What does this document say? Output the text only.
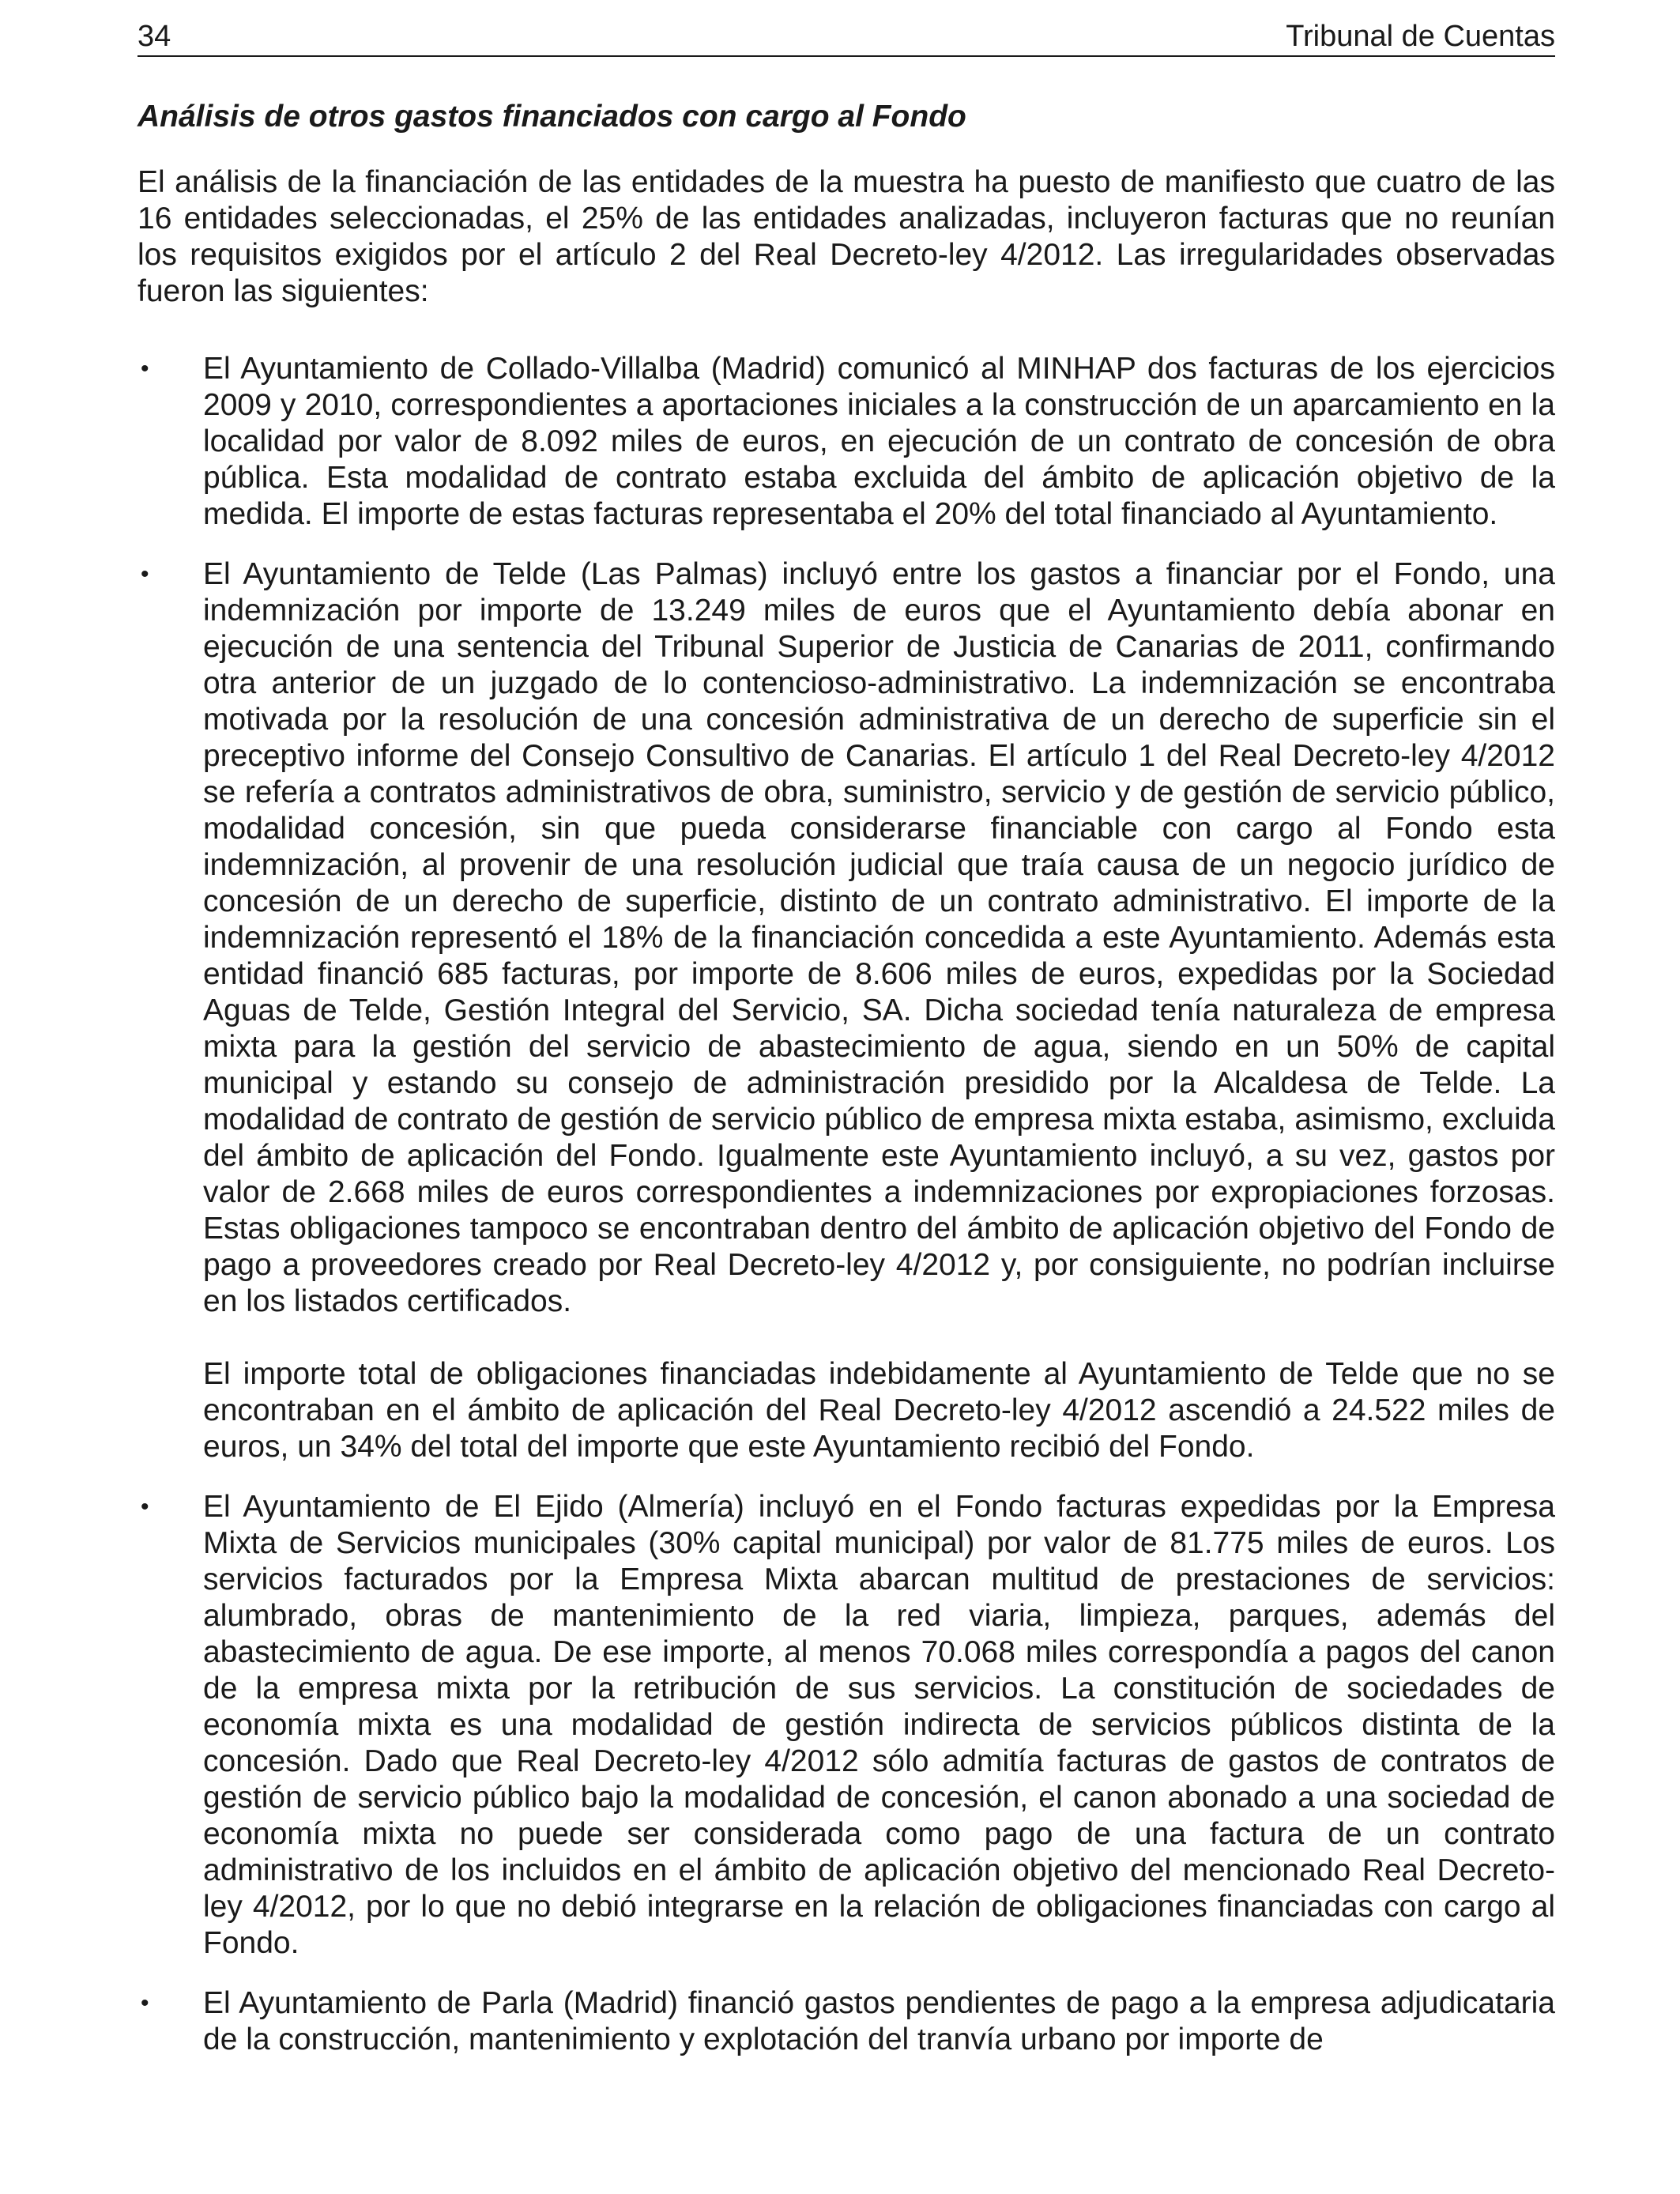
34	Tribunal de Cuentas

Análisis de otros gastos financiados con cargo al Fondo

El análisis de la financiación de las entidades de la muestra ha puesto de manifiesto que cuatro de las 16 entidades seleccionadas, el 25% de las entidades analizadas, incluyeron facturas que no reunían los requisitos exigidos por el artículo 2 del Real Decreto-ley 4/2012. Las irregularidades observadas fueron las siguientes:

• El Ayuntamiento de Collado-Villalba (Madrid) comunicó al MINHAP dos facturas de los ejercicios 2009 y 2010, correspondientes a aportaciones iniciales a la construcción de un aparcamiento en la localidad por valor de 8.092 miles de euros, en ejecución de un contrato de concesión de obra pública. Esta modalidad de contrato estaba excluida del ámbito de aplicación objetivo de la medida. El importe de estas facturas representaba el 20% del total financiado al Ayuntamiento.

• El Ayuntamiento de Telde (Las Palmas) incluyó entre los gastos a financiar por el Fondo, una indemnización por importe de 13.249 miles de euros que el Ayuntamiento debía abonar en ejecución de una sentencia del Tribunal Superior de Justicia de Canarias de 2011, confirmando otra anterior de un juzgado de lo contencioso-administrativo. La indemnización se encontraba motivada por la resolución de una concesión administrativa de un derecho de superficie sin el preceptivo informe del Consejo Consultivo de Canarias. El artículo 1 del Real Decreto-ley 4/2012 se refería a contratos administrativos de obra, suministro, servicio y de gestión de servicio público, modalidad concesión, sin que pueda considerarse financiable con cargo al Fondo esta indemnización, al provenir de una resolución judicial que traía causa de un negocio jurídico de concesión de un derecho de superficie, distinto de un contrato administrativo. El importe de la indemnización representó el 18% de la financiación concedida a este Ayuntamiento. Además esta entidad financió 685 facturas, por importe de 8.606 miles de euros, expedidas por la Sociedad Aguas de Telde, Gestión Integral del Servicio, SA. Dicha sociedad tenía naturaleza de empresa mixta para la gestión del servicio de abastecimiento de agua, siendo en un 50% de capital municipal y estando su consejo de administración presidido por la Alcaldesa de Telde. La modalidad de contrato de gestión de servicio público de empresa mixta estaba, asimismo, excluida del ámbito de aplicación del Fondo. Igualmente este Ayuntamiento incluyó, a su vez, gastos por valor de 2.668 miles de euros correspondientes a indemnizaciones por expropiaciones forzosas. Estas obligaciones tampoco se encontraban dentro del ámbito de aplicación objetivo del Fondo de pago a proveedores creado por Real Decreto-ley 4/2012 y, por consiguiente, no podrían incluirse en los listados certificados.

El importe total de obligaciones financiadas indebidamente al Ayuntamiento de Telde que no se encontraban en el ámbito de aplicación del Real Decreto-ley 4/2012 ascendió a 24.522 miles de euros, un 34% del total del importe que este Ayuntamiento recibió del Fondo.

• El Ayuntamiento de El Ejido (Almería) incluyó en el Fondo facturas expedidas por la Empresa Mixta de Servicios municipales (30% capital municipal) por valor de 81.775 miles de euros. Los servicios facturados por la Empresa Mixta abarcan multitud de prestaciones de servicios: alumbrado, obras de mantenimiento de la red viaria, limpieza, parques, además del abastecimiento de agua. De ese importe, al menos 70.068 miles correspondía a pagos del canon de la empresa mixta por la retribución de sus servicios. La constitución de sociedades de economía mixta es una modalidad de gestión indirecta de servicios públicos distinta de la concesión. Dado que Real Decreto-ley 4/2012 sólo admitía facturas de gastos de contratos de gestión de servicio público bajo la modalidad de concesión, el canon abonado a una sociedad de economía mixta no puede ser considerada como pago de una factura de un contrato administrativo de los incluidos en el ámbito de aplicación objetivo del mencionado Real Decreto-ley 4/2012, por lo que no debió integrarse en la relación de obligaciones financiadas con cargo al Fondo.

• El Ayuntamiento de Parla (Madrid) financió gastos pendientes de pago a la empresa adjudicataria de la construcción, mantenimiento y explotación del tranvía urbano por importe de
